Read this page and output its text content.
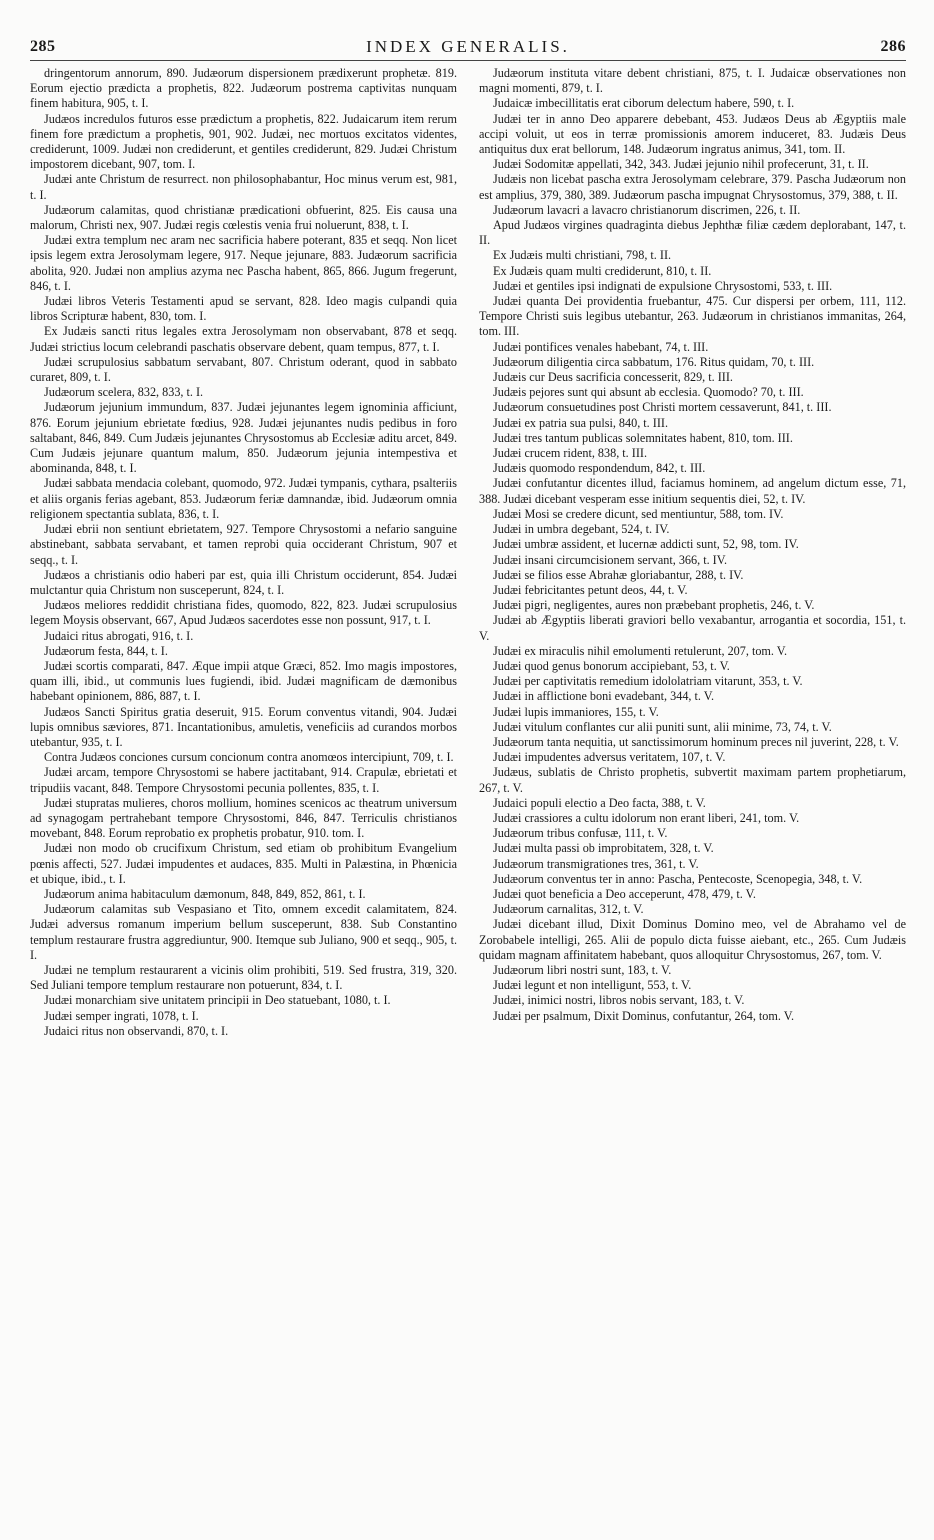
285	INDEX GENERALIS.	286

dringentorum annorum, 890. Judæorum dispersionem prædixerunt prophetæ. 819. Eorum ejectio prædicta a prophetis, 822. Judæorum postrema captivitas nunquam finem habitura, 905, t. I.

Judæos incredulos futuros esse prædictum a prophetis, 822. Judaicarum item rerum finem fore prædictum a prophetis, 901, 902. Judæi, nec mortuos excitatos videntes, crediderunt, 1009. Judæi non crediderunt, et gentiles crediderunt, 829. Judæi Christum impostorem dicebant, 907, tom. I.

Judæi ante Christum de resurrect. non philosophabantur, Hoc minus verum est, 981, t. I.

Judæorum calamitas, quod christianæ prædicationi obfuerint, 825. Eis causa una malorum, Christi nex, 907. Judæi regis cœlestis venia frui noluerunt, 838, t. I.

Judæi extra templum nec aram nec sacrificia habere poterant, 835 et seqq. Non licet ipsis legem extra Jerosolymam legere, 917. Neque jejunare, 883. Judæorum sacrificia abolita, 920. Judæi non amplius azyma nec Pascha habent, 865, 866. Jugum fregerunt, 846, t. I.

Judæi libros Veteris Testamenti apud se servant, 828. Ideo magis culpandi quia libros Scripturæ habent, 830, tom. I.

Ex Judæis sancti ritus legales extra Jerosolymam non observabant, 878 et seqq. Judæi strictius locum celebrandi paschatis observare debent, quam tempus, 877, t. I.

Judæi scrupulosius sabbatum servabant, 807. Christum oderant, quod in sabbato curaret, 809, t. I.

Judæorum scelera, 832, 833, t. I.

Judæorum jejunium immundum, 837. Judæi jejunantes legem ignominia afficiunt, 876. Eorum jejunium ebrietate fœdius, 928. Judæi jejunantes nudis pedibus in foro saltabant, 846, 849. Cum Judæis jejunantes Chrysostomus ab Ecclesiæ aditu arcet, 849. Cum Judæis jejunare quantum malum, 850. Judæorum jejunia intempestiva et abominanda, 848, t. I.

Judæi sabbata mendacia colebant, quomodo, 972. Judæi tympanis, cythara, psalteriis et aliis organis ferias agebant, 853. Judæorum feriæ damnandæ, ibid. Judæorum omnia religionem spectantia sublata, 836, t. I.

Judæi ebrii non sentiunt ebrietatem, 927. Tempore Chrysostomi a nefario sanguine abstinebant, sabbata servabant, et tamen reprobi quia occiderant Christum, 907 et seqq., t. I.

Judæos a christianis odio haberi par est, quia illi Christum occiderunt, 854. Judæi mulctantur quia Christum non susceperunt, 824, t. I.

Judæos meliores reddidit christiana fides, quomodo, 822, 823. Judæi scrupulosius legem Moysis observant, 667, Apud Judæos sacerdotes esse non possunt, 917, t. I.

Judaici ritus abrogati, 916, t. I.

Judæorum festa, 844, t. I.

Judæi scortis comparati, 847. Æque impii atque Græci, 852. Imo magis impostores, quam illi, ibid., ut communis lues fugiendi, ibid. Judæi magnificam de dæmonibus habebant opinionem, 886, 887, t. I.

Judæos Sancti Spiritus gratia deseruit, 915. Eorum conventus vitandi, 904. Judæi lupis omnibus sæviores, 871. Incantationibus, amuletis, veneficiis ad curandos morbos utebantur, 935, t. I.

Contra Judæos conciones cursum concionum contra anomœos intercipiunt, 709, t. I.

Judæi arcam, tempore Chrysostomi se habere jactitabant, 914. Crapulæ, ebrietati et tripudiis vacant, 848. Tempore Chrysostomi pecunia pollentes, 835, t. I.

Judæi stupratas mulieres, choros mollium, homines scenicos ac theatrum universum ad synagogam pertrahebant tempore Chrysostomi, 846, 847. Terriculis christianos movebant, 848. Eorum reprobatio ex prophetis probatur, 910. tom. I.

Judæi non modo ob crucifixum Christum, sed etiam ob prohibitum Evangelium pœnis affecti, 527. Judæi impudentes et audaces, 835. Multi in Palæstina, in Phœnicia et ubique, ibid., t. I.

Judæorum anima habitaculum dæmonum, 848, 849, 852, 861, t. I.

Judæorum calamitas sub Vespasiano et Tito, omnem excedit calamitatem, 824. Judæi adversus romanum imperium bellum susceperunt, 838. Sub Constantino templum restaurare frustra aggrediuntur, 900. Itemque sub Juliano, 900 et seqq., 905, t. I.

Judæi ne templum restaurarent a vicinis olim prohibiti, 519. Sed frustra, 319, 320. Sed Juliani tempore templum restaurare non potuerunt, 834, t. I.

Judæi monarchiam sive unitatem principii in Deo statuebant, 1080, t. I.

Judæi semper ingrati, 1078, t. I.

Judaici ritus non observandi, 870, t. I.

Judæorum instituta vitare debent christiani, 875, t. I. Judaicæ observationes non magni momenti, 879, t. I.

Judaicæ imbecillitatis erat ciborum delectum habere, 590, t. I.

Judæi ter in anno Deo apparere debebant, 453. Judæos Deus ab Ægyptiis male accipi voluit, ut eos in terræ promissionis amorem induceret, 83. Judæis Deus antiquitus dux erat bellorum, 148. Judæorum ingratus animus, 341, tom. II.

Judæi Sodomitæ appellati, 342, 343. Judæi jejunio nihil profecerunt, 31, t. II.

Judæis non licebat pascha extra Jerosolymam celebrare, 379. Pascha Judæorum non est amplius, 379, 380, 389. Judæorum pascha impugnat Chrysostomus, 379, 388, t. II.

Judæorum lavacri a lavacro christianorum discrimen, 226, t. II.

Apud Judæos virgines quadraginta diebus Jephthæ filiæ cædem deplorabant, 147, t. II.

Ex Judæis multi christiani, 798, t. II.

Ex Judæis quam multi crediderunt, 810, t. II.

Judæi et gentiles ipsi indignati de expulsione Chrysostomi, 533, t. III.

Judæi quanta Dei providentia fruebantur, 475. Cur dispersi per orbem, 111, 112. Tempore Christi suis legibus utebantur, 263. Judæorum in christianos immanitas, 264, tom. III.

Judæi pontifices venales habebant, 74, t. III.

Judæorum diligentia circa sabbatum, 176. Ritus quidam, 70, t. III.

Judæis cur Deus sacrificia concesserit, 829, t. III.

Judæis pejores sunt qui absunt ab ecclesia. Quomodo? 70, t. III.

Judæorum consuetudines post Christi mortem cessaverunt, 841, t. III.

Judæi ex patria sua pulsi, 840, t. III.

Judæi tres tantum publicas solemnitates habent, 810, tom. III.

Judæi crucem rident, 838, t. III.

Judæis quomodo respondendum, 842, t. III.

Judæi confutantur dicentes illud, faciamus hominem, ad angelum dictum esse, 71, 388. Judæi dicebant vesperam esse initium sequentis diei, 52, t. IV.

Judæi Mosi se credere dicunt, sed mentiuntur, 588, tom. IV.

Judæi in umbra degebant, 524, t. IV.

Judæi umbræ assident, et lucernæ addicti sunt, 52, 98, tom. IV.

Judæi insani circumcisionem servant, 366, t. IV.

Judæi se filios esse Abrahæ gloriabantur, 288, t. IV.

Judæi febricitantes petunt deos, 44, t. V.

Judæi pigri, negligentes, aures non præbebant prophetis, 246, t. V.

Judæi ab Ægyptiis liberati graviori bello vexabantur, arrogantia et socordia, 151, t. V.

Judæi ex miraculis nihil emolumenti retulerunt, 207, tom. V.

Judæi quod genus bonorum accipiebant, 53, t. V.

Judæi per captivitatis remedium idololatriam vitarunt, 353, t. V.

Judæi in afflictione boni evadebant, 344, t. V.

Judæi lupis immaniores, 155, t. V.

Judæi vitulum conflantes cur alii puniti sunt, alii minime, 73, 74, t. V.

Judæorum tanta nequitia, ut sanctissimorum hominum preces nil juverint, 228, t. V.

Judæi impudentes adversus veritatem, 107, t. V.

Judæus, sublatis de Christo prophetis, subvertit maximam partem prophetiarum, 267, t. V.

Judaici populi electio a Deo facta, 388, t. V.

Judæi crassiores a cultu idolorum non erant liberi, 241, tom. V.

Judæorum tribus confusæ, 111, t. V.

Judæi multa passi ob improbitatem, 328, t. V.

Judæorum transmigrationes tres, 361, t. V.

Judæorum conventus ter in anno: Pascha, Pentecoste, Scenopegia, 348, t. V.

Judæi quot beneficia a Deo acceperunt, 478, 479, t. V.

Judæorum carnalitas, 312, t. V.

Judæi dicebant illud, Dixit Dominus Domino meo, vel de Abrahamo vel de Zorobabele intelligi, 265. Alii de populo dicta fuisse aiebant, etc., 265. Cum Judæis quidam magnam affinitatem habebant, quos alloquitur Chrysostomus, 267, tom. V.

Judæorum libri nostri sunt, 183, t. V.

Judæi legunt et non intelligunt, 553, t. V.

Judæi, inimici nostri, libros nobis servant, 183, t. V.

Judæi per psalmum, Dixit Dominus, confutantur, 264, tom. V.
